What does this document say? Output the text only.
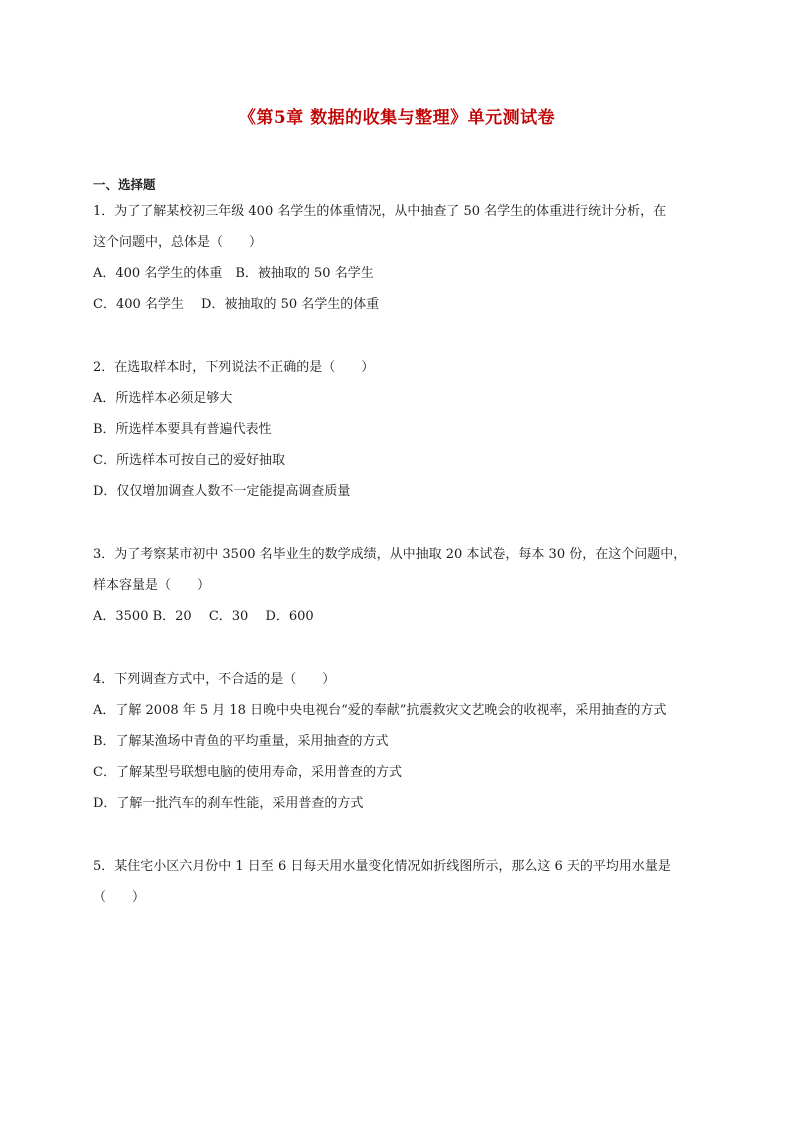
《第5章 数据的收集与整理》单元测试卷
一、选择题
1．为了了解某校初三年级 400 名学生的体重情况，从中抽查了 50 名学生的体重进行统计分析，在
这个问题中，总体是（　　）
A．400 名学生的体重　B．被抽取的 50 名学生
C．400 名学生　 D．被抽取的 50 名学生的体重
2．在选取样本时，下列说法不正确的是（　　）
A．所选样本必须足够大
B．所选样本要具有普遍代表性
C．所选样本可按自己的爱好抽取
D．仅仅增加调查人数不一定能提高调查质量
3．为了考察某市初中 3500 名毕业生的数学成绩，从中抽取 20 本试卷，每本 30 份，在这个问题中，
样本容量是（　　）
A．3500 B．20　 C．30　 D．600
4．下列调查方式中，不合适的是（　　）
A．了解 2008 年 5 月 18 日晚中央电视台“爱的奉献”抗震救灾文艺晚会的收视率，采用抽查的方式
B．了解某渔场中青鱼的平均重量，采用抽查的方式
C．了解某型号联想电脑的使用寿命，采用普查的方式
D．了解一批汽车的刹车性能，采用普查的方式
5．某住宅小区六月份中 1 日至 6 日每天用水量变化情况如折线图所示，那么这 6 天的平均用水量是
（　　）
